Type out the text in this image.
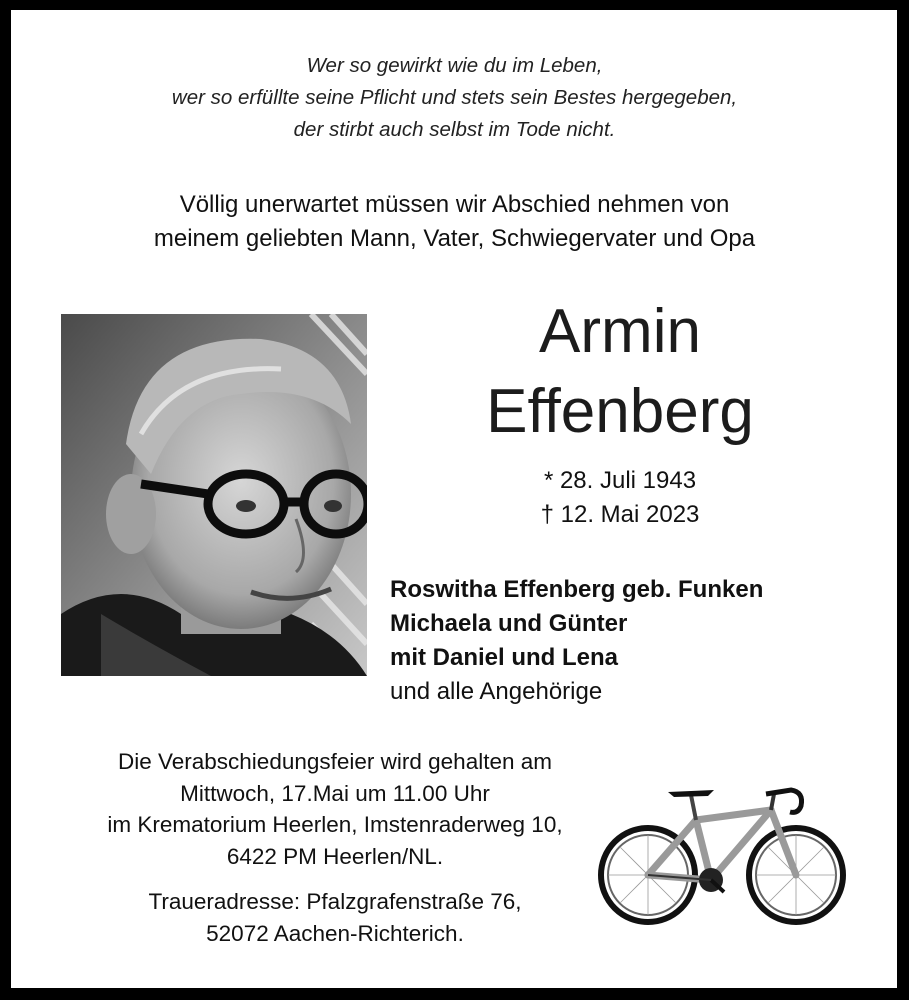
Wer so gewirkt wie du im Leben,
wer so erfüllte seine Pflicht und stets sein Bestes hergegeben,
der stirbt auch selbst im Tode nicht.
Völlig unerwartet müssen wir Abschied nehmen von
meinem geliebten Mann, Vater, Schwiegervater und Opa
Armin
Effenberg
* 28. Juli 1943
† 12. Mai 2023
Roswitha Effenberg geb. Funken
Michaela und Günter
mit Daniel und Lena
und alle Angehörige
Die Verabschiedungsfeier wird gehalten am
Mittwoch, 17.Mai um 11.00 Uhr
im Krematorium Heerlen, Imstenraderweg 10,
6422 PM Heerlen/NL.
Traueradresse: Pfalzgrafenstraße 76,
52072 Aachen-Richterich.
